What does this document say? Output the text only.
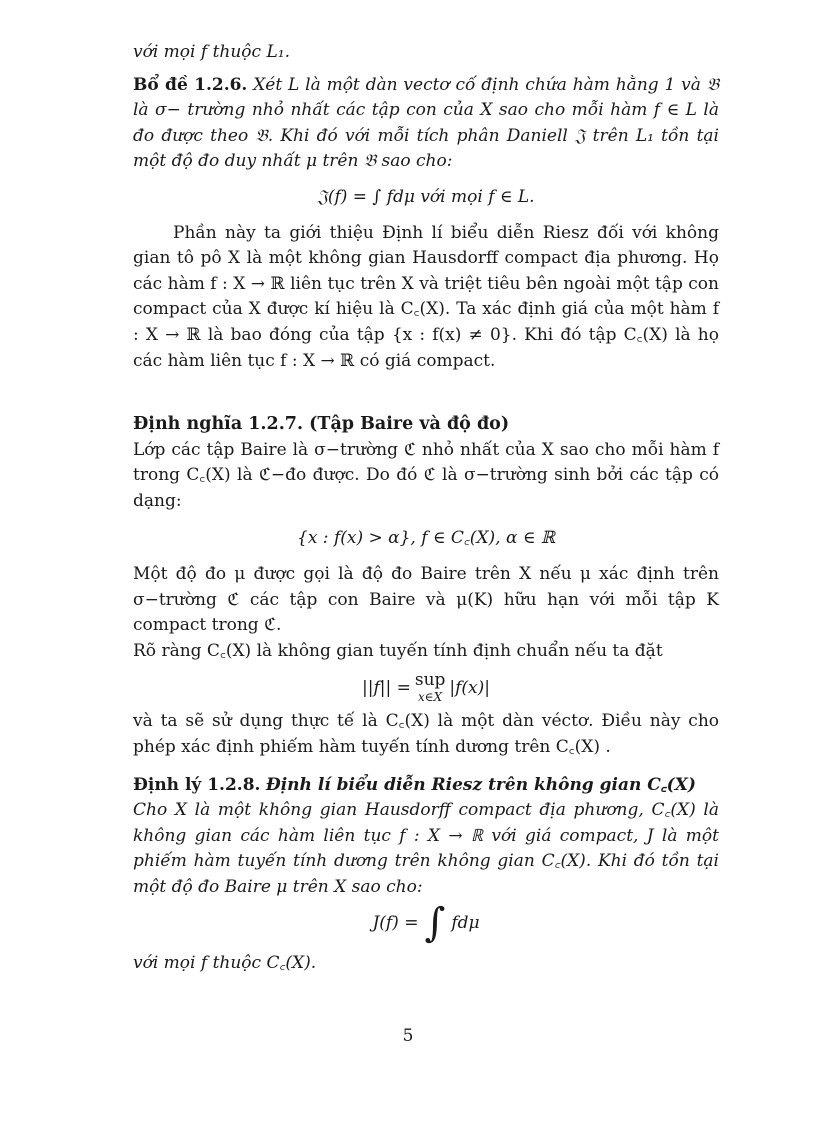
với mọi f thuộc L₁.

Bổ đề 1.2.6. Xét L là một dàn vectơ cố định chứa hàm hằng 1 và 𝔅 là σ− trường nhỏ nhất các tập con của X sao cho mỗi hàm f ∈ L là đo được theo 𝔅. Khi đó với mỗi tích phân Daniell 𝔍 trên L₁ tồn tại một độ đo duy nhất μ trên 𝔅 sao cho:

𝔍(f) = ∫ fdμ với mọi f ∈ L.

Phần này ta giới thiệu Định lí biểu diễn Riesz đối với không gian tô pô X là một không gian Hausdorff compact địa phương. Họ các hàm f : X → ℝ liên tục trên X và triệt tiêu bên ngoài một tập con compact của X được kí hiệu là C꜀(X). Ta xác định giá của một hàm f : X → ℝ là bao đóng của tập {x : f(x) ≠ 0}. Khi đó tập C꜀(X) là họ các hàm liên tục f : X → ℝ có giá compact.

Định nghĩa 1.2.7. (Tập Baire và độ đo)

Lớp các tập Baire là σ−trường ℭ nhỏ nhất của X sao cho mỗi hàm f trong C꜀(X) là ℭ−đo được. Do đó ℭ là σ−trường sinh bởi các tập có dạng:

{x : f(x) > α}, f ∈ C꜀(X), α ∈ ℝ

Một độ đo μ được gọi là độ đo Baire trên X nếu μ xác định trên σ−trường ℭ các tập con Baire và μ(K) hữu hạn với mỗi tập K compact trong ℭ.

Rõ ràng C꜀(X) là không gian tuyến tính định chuẩn nếu ta đặt

||f|| = sup
x∈X |f(x)|

và ta sẽ sử dụng thực tế là C꜀(X) là một dàn véctơ. Điều này cho phép xác định phiếm hàm tuyến tính dương trên C꜀(X) .

Định lý 1.2.8. Định lí biểu diễn Riesz trên không gian C꜀(X)

Cho X là một không gian Hausdorff compact địa phương, C꜀(X) là không gian các hàm liên tục f : X → ℝ với giá compact, J là một phiếm hàm tuyến tính dương trên không gian C꜀(X). Khi đó tồn tại một độ đo Baire μ trên X sao cho:

J(f) = ∫ fdμ

với mọi f thuộc C꜀(X).

5
